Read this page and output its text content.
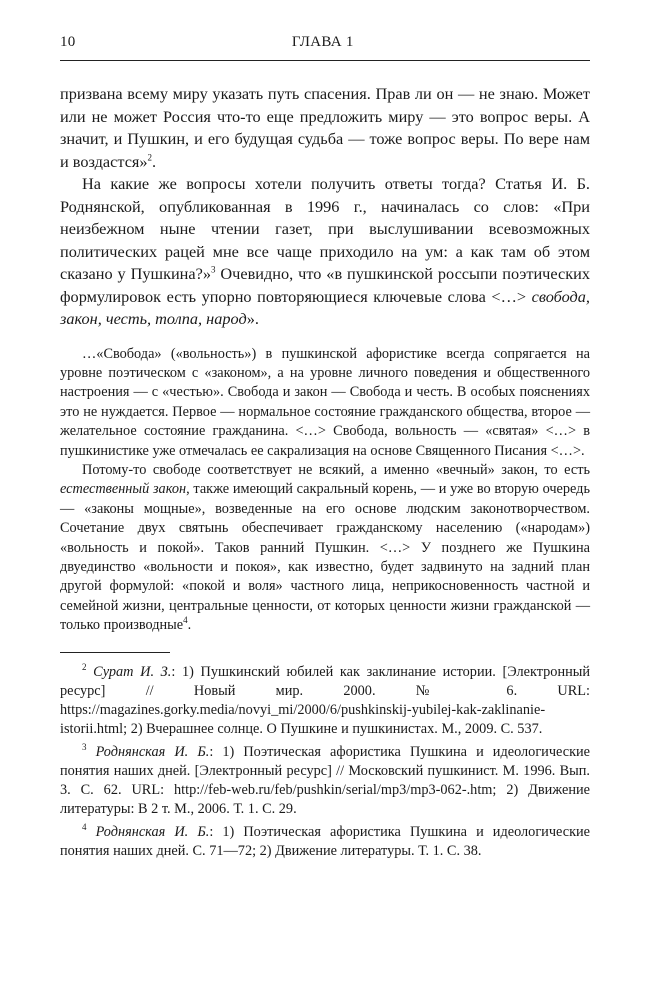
10	ГЛАВА 1

призвана всему миру указать путь спасения. Прав ли он — не знаю. Может или не может Россия что-то еще предложить миру — это вопрос веры. А значит, и Пушкин, и его будущая судьба — тоже вопрос веры. По вере нам и воздастся»$^2$.

На какие же вопросы хотели получить ответы тогда? Статья И. Б. Роднянской, опубликованная в 1996 г., начиналась со слов: «При неизбежном ныне чтении газет, при выслушивании всевозможных политических рацей мне все чаще приходило на ум: а как там об этом сказано у Пушкина?»$^3$ Очевидно, что «в пушкинской россыпи поэтических формулировок есть упорно повторяющиеся ключевые слова <…> свобода, закон, честь, толпа, народ».

…«Свобода» («вольность») в пушкинской афористике всегда сопрягается на уровне поэтическом с «законом», а на уровне личного поведения и общественного настроения — с «честью». Свобода и закон — Свобода и честь. В особых пояснениях это не нуждается. Первое — нормальное состояние гражданского общества, второе — желательное состояние гражданина. <…> Свобода, вольность — «святая» <…> в пушкинистике уже отмечалась ее сакрализация на основе Священного Писания <…>.

Потому-то свободе соответствует не всякий, а именно «вечный» закон, то есть естественный закон, также имеющий сакральный корень, — и уже во вторую очередь — «законы мощные», возведенные на его основе людским законотворчеством. Сочетание двух святынь обеспечивает гражданскому населению («народам») «вольность и покой». Таков ранний Пушкин. <…> У позднего же Пушкина двуединство «вольности и покоя», как известно, будет задвинуто на задний план другой формулой: «покой и воля» частного лица, неприкосновенность частной и семейной жизни, центральные ценности, от которых ценности жизни гражданской — только производные$^4$.

$^2$ Сурат И. З.: 1) Пушкинский юбилей как заклинание истории. [Электронный ресурс] // Новый мир. 2000. № 6. URL: https://magazines.gorky.media/novyi_mi/2000/6/pushkinskij-yubilej-kak-zaklinanie-istorii.html; 2) Вчерашнее солнце. О Пушкине и пушкинистах. М., 2009. С. 537.

$^3$ Роднянская И. Б.: 1) Поэтическая афористика Пушкина и идеологические понятия наших дней. [Электронный ресурс] // Московский пушкинист. М. 1996. Вып. 3. С. 62. URL: http://feb-web.ru/feb/pushkin/serial/mp3/mp3-062-.htm; 2) Движение литературы: В 2 т. М., 2006. Т. 1. С. 29.

$^4$ Роднянская И. Б.: 1) Поэтическая афористика Пушкина и идеологические понятия наших дней. С. 71—72; 2) Движение литературы. Т. 1. С. 38.
